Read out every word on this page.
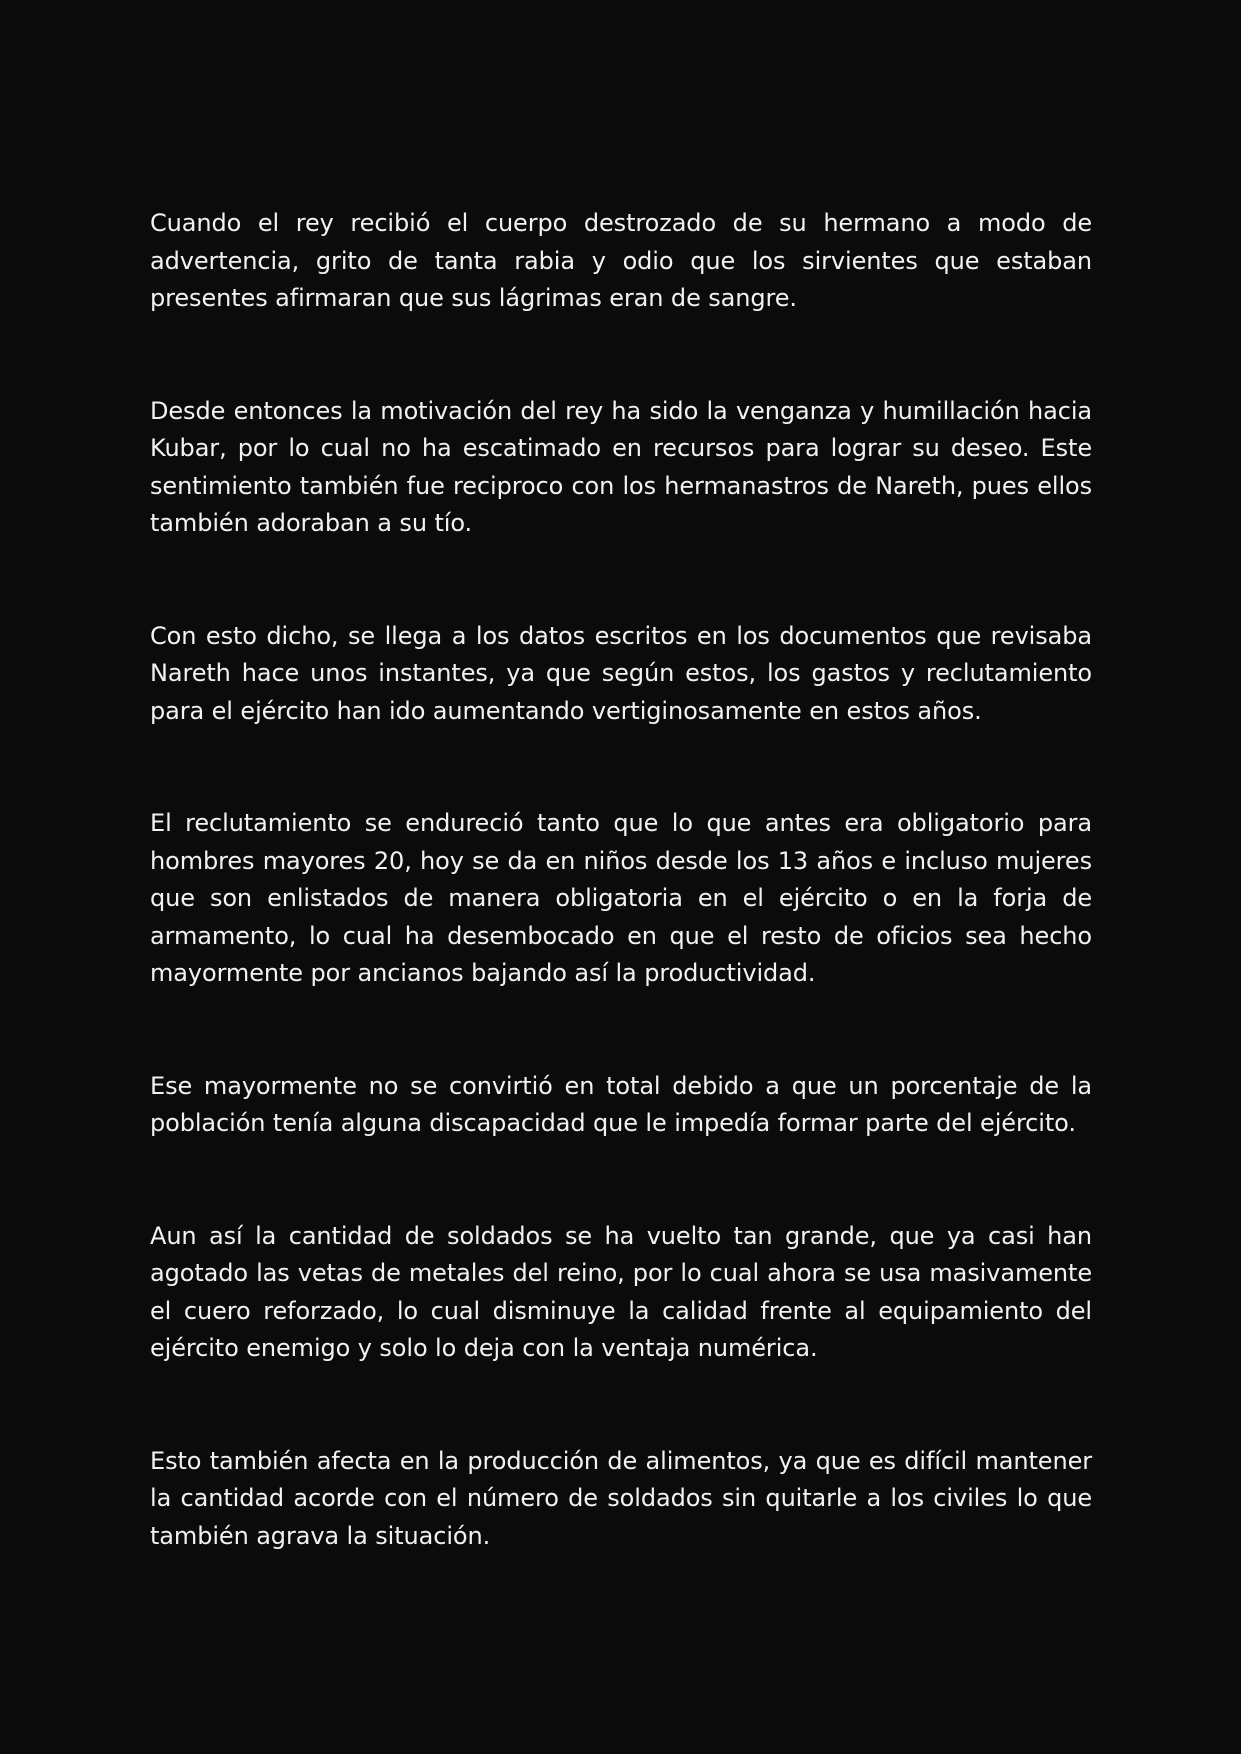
Cuando el rey recibió el cuerpo destrozado de su hermano a modo de advertencia, grito de tanta rabia y odio que los sirvientes que estaban presentes afirmaran que sus lágrimas eran de sangre.

Desde entonces la motivación del rey ha sido la venganza y humillación hacia Kubar, por lo cual no ha escatimado en recursos para lograr su deseo. Este sentimiento también fue reciproco con los hermanastros de Nareth, pues ellos también adoraban a su tío.

Con esto dicho, se llega a los datos escritos en los documentos que revisaba Nareth hace unos instantes, ya que según estos, los gastos y reclutamiento para el ejército han ido aumentando vertiginosamente en estos años.

El reclutamiento se endureció tanto que lo que antes era obligatorio para hombres mayores 20, hoy se da en niños desde los 13 años e incluso mujeres que son enlistados de manera obligatoria en el ejército o en la forja de armamento, lo cual ha desembocado en que el resto de oficios sea hecho mayormente por ancianos bajando así la productividad.

Ese mayormente no se convirtió en total debido a que un porcentaje de la población tenía alguna discapacidad que le impedía formar parte del ejército.

Aun así la cantidad de soldados se ha vuelto tan grande, que ya casi han agotado las vetas de metales del reino, por lo cual ahora se usa masivamente el cuero reforzado, lo cual disminuye la calidad frente al equipamiento del ejército enemigo y solo lo deja con la ventaja numérica.

Esto también afecta en la producción de alimentos, ya que es difícil mantener la cantidad acorde con el número de soldados sin quitarle a los civiles lo que también agrava la situación.
